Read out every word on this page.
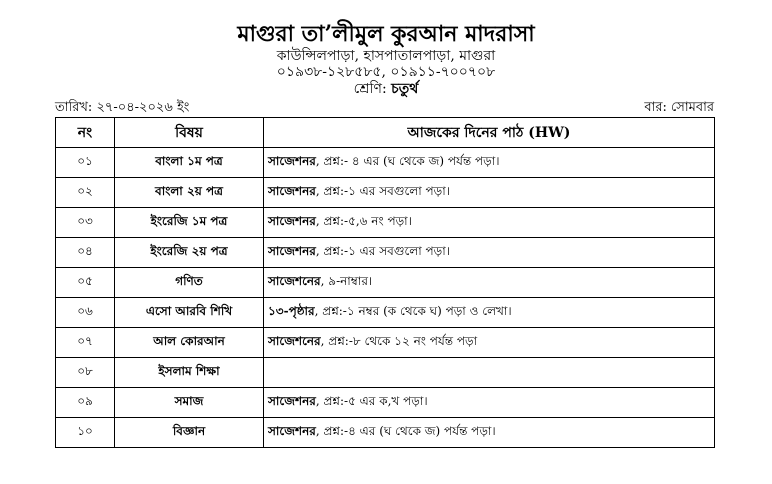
মাগুরা তা’লীমুল কুরআন মাদরাসা
কাউন্সিলপাড়া, হাসপাতালপাড়া, মাগুরা
০১৯৩৮-১২৮৫৮৫, ০১৯১১-৭০০৭০৮
শ্রেণি: চতুর্থ
তারিখ: ২৭-০৪-২০২৬ ইং	বার: সোমবার
নং	বিষয়	আজকের দিনের পাঠ (HW)
০১	বাংলা ১ম পত্র	সাজেশনর, প্রশ্ন:- ৪ এর (ঘ থেকে জ) পর্যন্ত পড়া।
০২	বাংলা ২য় পত্র	সাজেশনর, প্রশ্ন:-১ এর সবগুলো পড়া।
০৩	ইংরেজি ১ম পত্র	সাজেশনর, প্রশ্ন:-৫,৬ নং পড়া।
০৪	ইংরেজি ২য় পত্র	সাজেশনর, প্রশ্ন:-১ এর সবগুলো পড়া।
০৫	গণিত	সাজেশনের, ৯-নাম্বার।
০৬	এসো আরবি শিখি	১৩-পৃষ্ঠার, প্রশ্ন:-১ নম্বর (ক থেকে ঘ) পড়া ও লেখা।
০৭	আল কোরআন	সাজেশনের, প্রশ্ন:-৮ থেকে ১২ নং পর্যন্ত পড়া
০৮	ইসলাম শিক্ষা	
০৯	সমাজ	সাজেশনর, প্রশ্ন:-৫ এর ক,খ পড়া।
১০	বিজ্ঞান	সাজেশনর, প্রশ্ন:-৪ এর (ঘ থেকে জ) পর্যন্ত পড়া।
